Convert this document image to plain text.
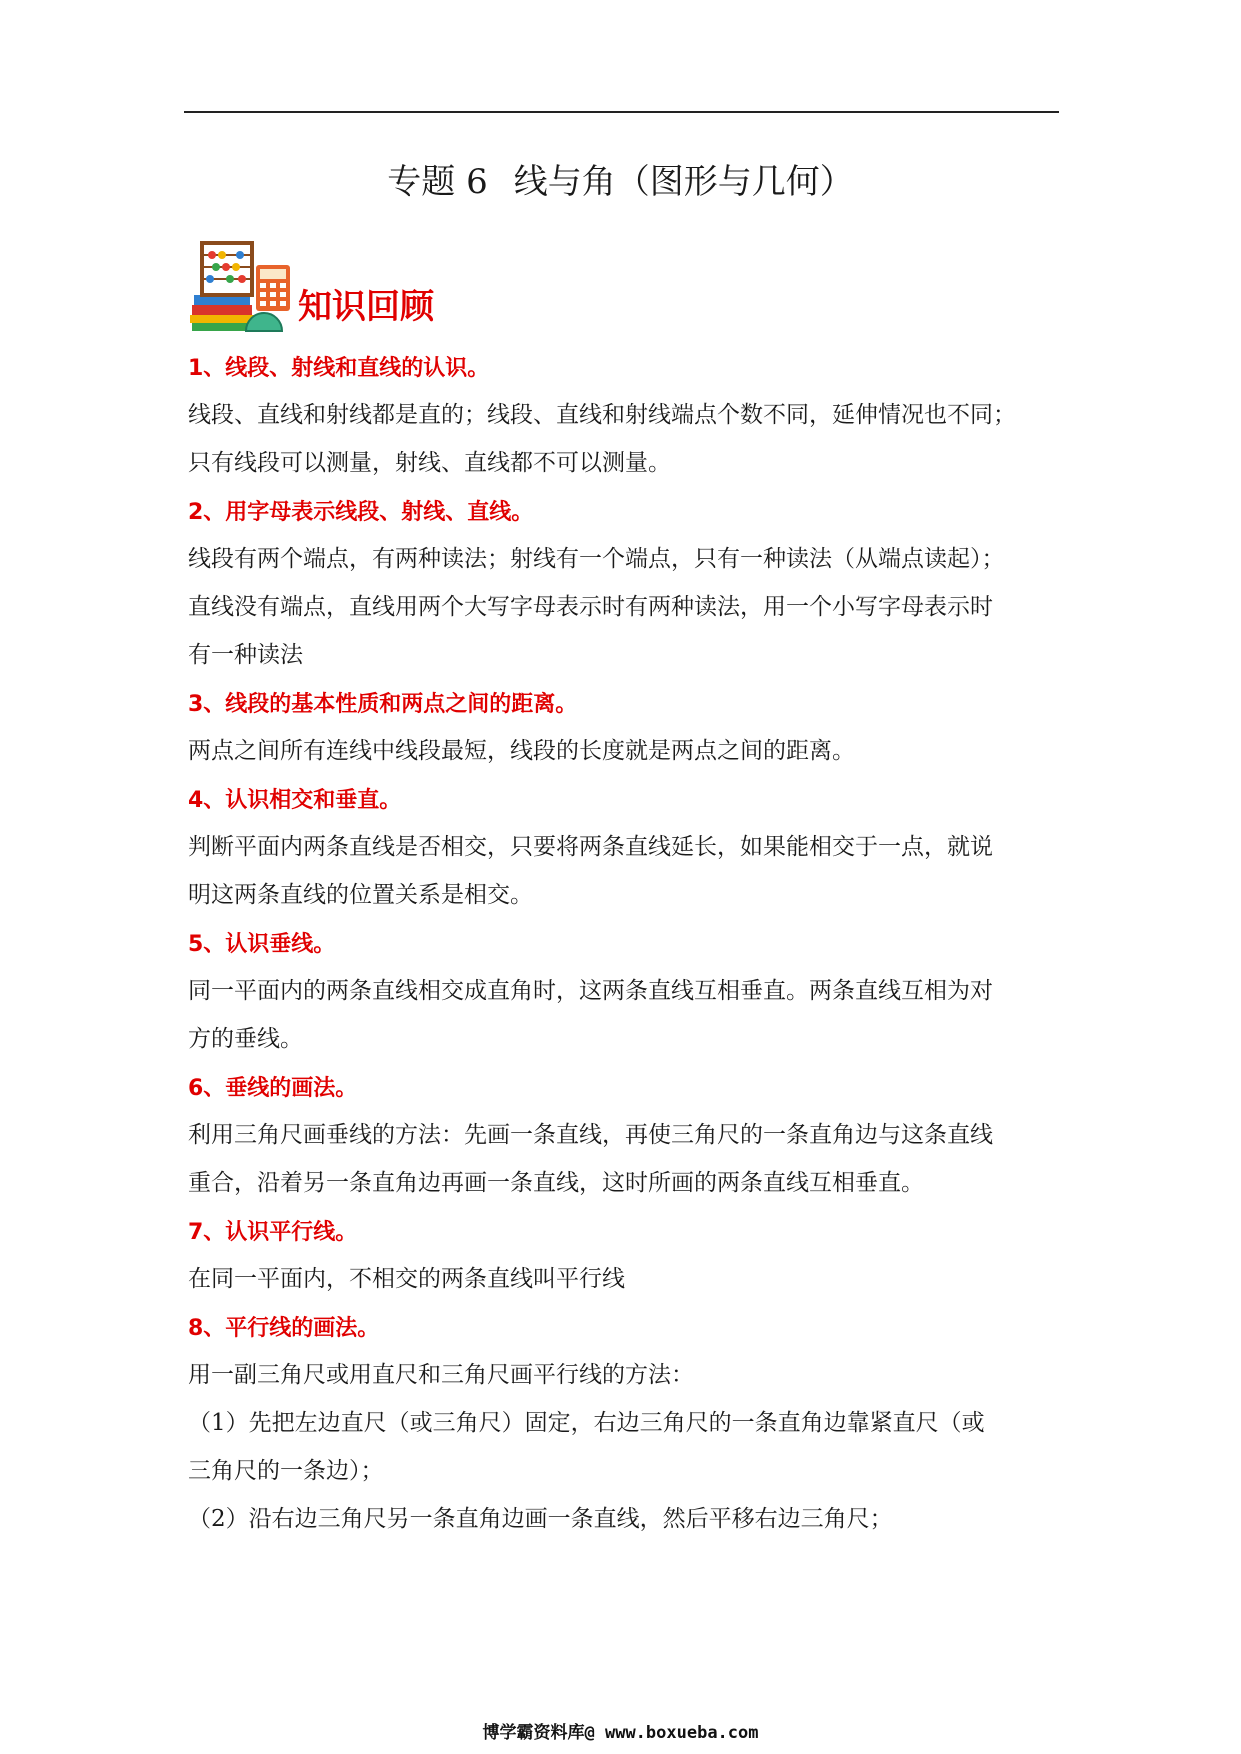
专题 6 线与角（图形与几何）
知识回顾

1、线段、射线和直线的认识。

线段、直线和射线都是直的；线段、直线和射线端点个数不同，延伸情况也不同；

只有线段可以测量，射线、直线都不可以测量。

2、用字母表示线段、射线、直线。

线段有两个端点，有两种读法；射线有一个端点，只有一种读法（从端点读起）；

直线没有端点，直线用两个大写字母表示时有两种读法，用一个小写字母表示时

有一种读法

3、线段的基本性质和两点之间的距离。

两点之间所有连线中线段最短，线段的长度就是两点之间的距离。

4、认识相交和垂直。

判断平面内两条直线是否相交，只要将两条直线延长，如果能相交于一点，就说

明这两条直线的位置关系是相交。

5、认识垂线。

同一平面内的两条直线相交成直角时，这两条直线互相垂直。两条直线互相为对

方的垂线。

6、垂线的画法。

利用三角尺画垂线的方法：先画一条直线，再使三角尺的一条直角边与这条直线

重合，沿着另一条直角边再画一条直线，这时所画的两条直线互相垂直。

7、认识平行线。

在同一平面内，不相交的两条直线叫平行线

8、平行线的画法。

用一副三角尺或用直尺和三角尺画平行线的方法：

（1）先把左边直尺（或三角尺）固定，右边三角尺的一条直角边靠紧直尺（或

三角尺的一条边）；

（2）沿右边三角尺另一条直角边画一条直线，然后平移右边三角尺；

博学霸资料库@ www.boxueba.com
